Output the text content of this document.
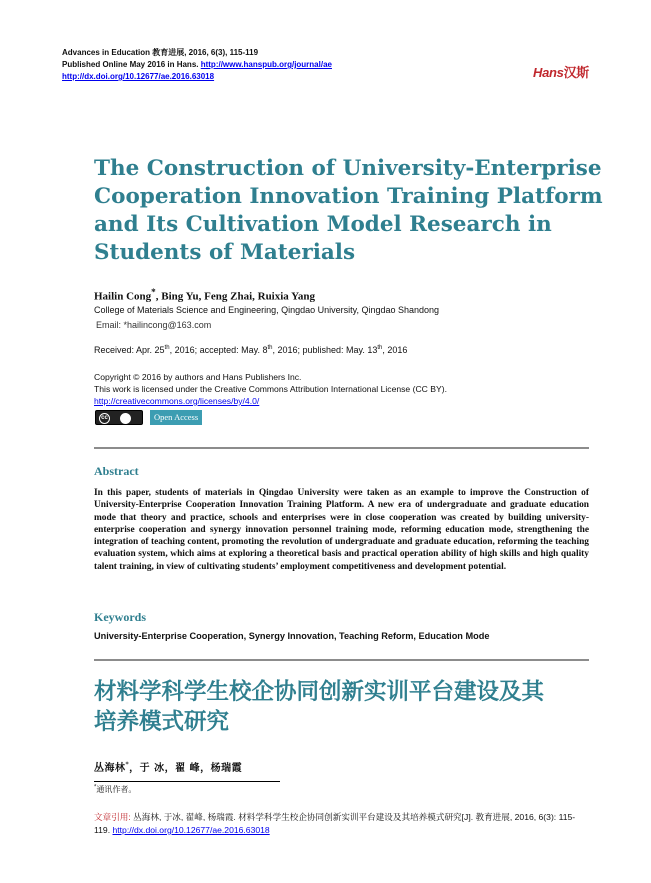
Advances in Education 教育进展, 2016, 6(3), 115-119
Published Online May 2016 in Hans. http://www.hanspub.org/journal/ae
http://dx.doi.org/10.12677/ae.2016.63018	Hans汉斯
The Construction of University-Enterprise
Cooperation Innovation Training Platform
and Its Cultivation Model Research in
Students of Materials
Hailin Cong*, Bing Yu, Feng Zhai, Ruixia Yang
College of Materials Science and Engineering, Qingdao University, Qingdao Shandong
Email: *hailincong@163.com
Received: Apr. 25th, 2016; accepted: May. 8th, 2016; published: May. 13th, 2016
Copyright © 2016 by authors and Hans Publishers Inc.
This work is licensed under the Creative Commons Attribution International License (CC BY).
http://creativecommons.org/licenses/by/4.0/
cc	Open Access
Abstract

In this paper, students of materials in Qingdao University were taken as an example to improve the Construction of University-Enterprise Cooperation Innovation Training Platform. A new era of undergraduate and graduate education mode that theory and practice, schools and enterprises were in close cooperation was created by building university-enterprise cooperation and synergy innovation personnel training mode, reforming education mode, strengthening the integration of teaching content, promoting the revolution of undergraduate and graduate education, reforming the teaching evaluation system, which aims at exploring a theoretical basis and practical operation ability of high skills and high quality talent training, in view of cultivating students’ employment competitiveness and development potential.

Keywords
University-Enterprise Cooperation, Synergy Innovation, Teaching Reform, Education Mode
材料学科学生校企协同创新实训平台建设及其
培养模式研究
丛海林*，于 冰，翟 峰，杨瑞霞
*通讯作者。
文章引用: 丛海林, 于冰, 翟峰, 杨瑞霞. 材料学科学生校企协同创新实训平台建设及其培养模式研究[J]. 教育进展, 2016, 6(3): 115-119. http://dx.doi.org/10.12677/ae.2016.63018
